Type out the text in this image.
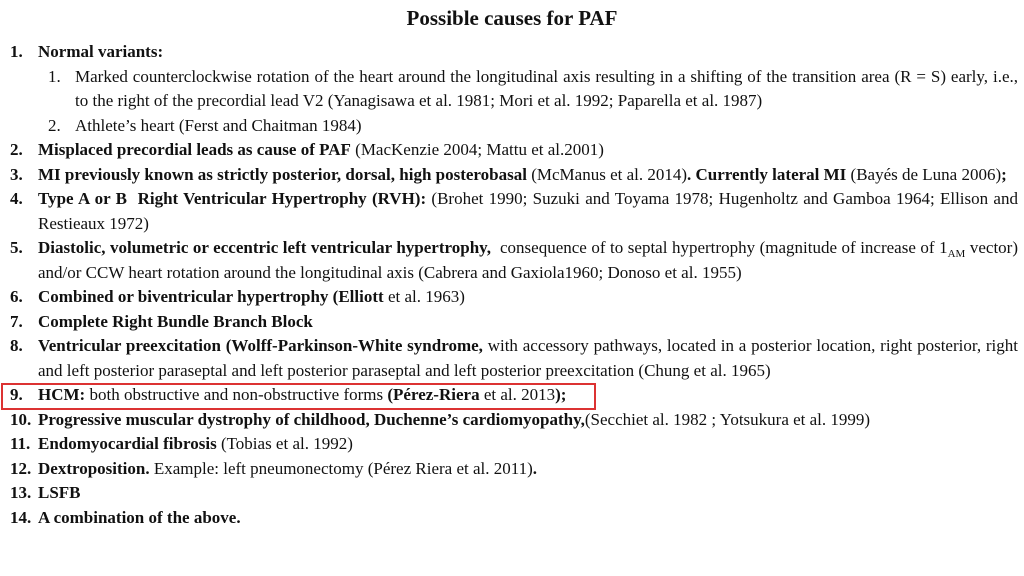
Possible causes for PAF
1. Normal variants:
1. Marked counterclockwise rotation of the heart around the longitudinal axis resulting in a shifting of the transition area (R = S) early, i.e., to the right of the precordial lead V2 (Yanagisawa et al. 1981; Mori et al. 1992; Paparella et al. 1987)
2. Athlete’s heart (Ferst and Chaitman 1984)
2. Misplaced precordial leads as cause of PAF (MacKenzie 2004; Mattu et al.2001)
3. MI previously known as strictly posterior, dorsal, high posterobasal (McManus et al. 2014). Currently lateral MI (Bayés de Luna 2006);
4. Type A or B  Right Ventricular Hypertrophy (RVH): (Brohet 1990; Suzuki and Toyama 1978; Hugenholtz and Gamboa 1964; Ellison and Restieaux 1972)
5. Diastolic, volumetric or eccentric left ventricular hypertrophy,  consequence of to septal hypertrophy (magnitude of increase of $1_{AM}$ vector) and/or CCW heart rotation around the longitudinal axis (Cabrera and Gaxiola1960; Donoso et al. 1955)
6. Combined or biventricular hypertrophy (Elliott et al. 1963)
7. Complete Right Bundle Branch Block
8. Ventricular preexcitation (Wolff-Parkinson-White syndrome, with accessory pathways, located in a posterior location, right posterior, right and left posterior paraseptal and left posterior paraseptal and left posterior preexcitation (Chung et al. 1965)
9. HCM: both obstructive and non-obstructive forms (Pérez-Riera et al. 2013);
10. Progressive muscular dystrophy of childhood, Duchenne’s cardiomyopathy,(Secchiet al. 1982 ; Yotsukura et al. 1999)
11. Endomyocardial fibrosis (Tobias et al. 1992)
12. Dextroposition. Example: left pneumonectomy (Pérez Riera et al. 2011).
13. LSFB
14. A combination of the above.
